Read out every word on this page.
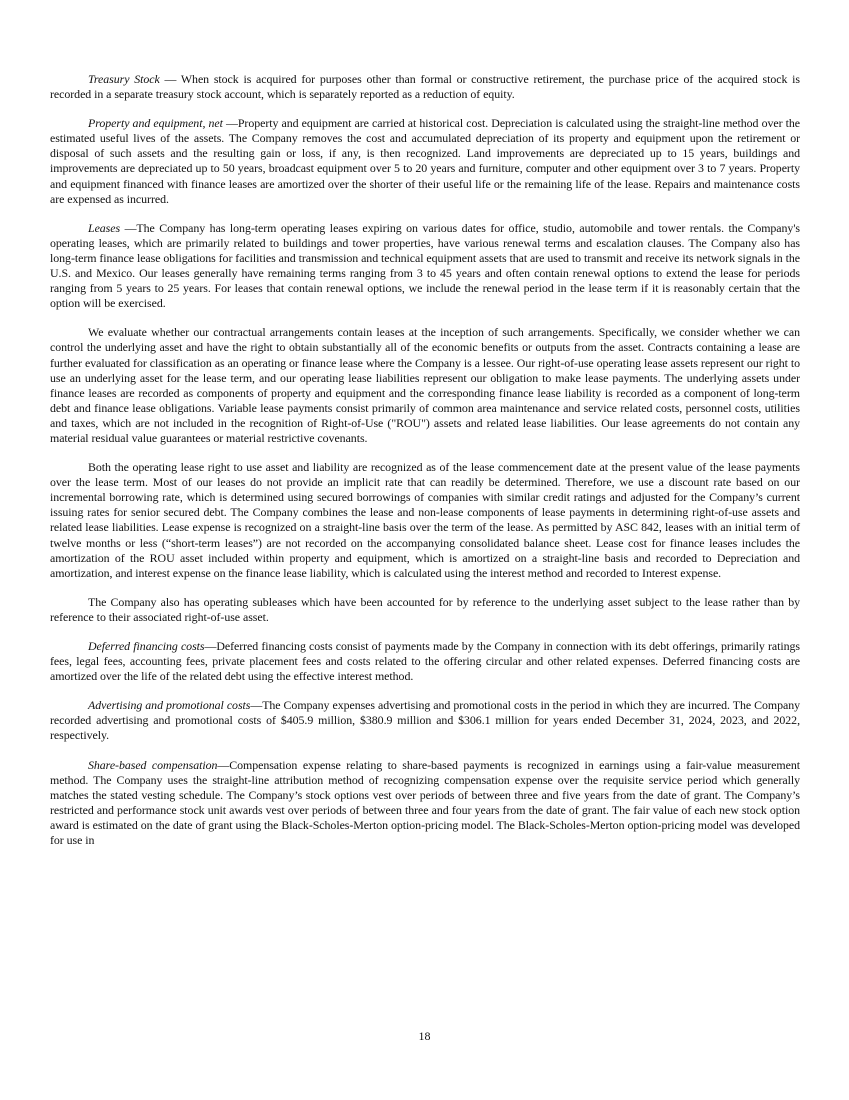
Treasury Stock — When stock is acquired for purposes other than formal or constructive retirement, the purchase price of the acquired stock is recorded in a separate treasury stock account, which is separately reported as a reduction of equity.

Property and equipment, net —Property and equipment are carried at historical cost. Depreciation is calculated using the straight-line method over the estimated useful lives of the assets. The Company removes the cost and accumulated depreciation of its property and equipment upon the retirement or disposal of such assets and the resulting gain or loss, if any, is then recognized. Land improvements are depreciated up to 15 years, buildings and improvements are depreciated up to 50 years, broadcast equipment over 5 to 20 years and furniture, computer and other equipment over 3 to 7 years. Property and equipment financed with finance leases are amortized over the shorter of their useful life or the remaining life of the lease. Repairs and maintenance costs are expensed as incurred.

Leases —The Company has long-term operating leases expiring on various dates for office, studio, automobile and tower rentals. the Company's operating leases, which are primarily related to buildings and tower properties, have various renewal terms and escalation clauses. The Company also has long-term finance lease obligations for facilities and transmission and technical equipment assets that are used to transmit and receive its network signals in the U.S. and Mexico. Our leases generally have remaining terms ranging from 3 to 45 years and often contain renewal options to extend the lease for periods ranging from 5 years to 25 years. For leases that contain renewal options, we include the renewal period in the lease term if it is reasonably certain that the option will be exercised.

We evaluate whether our contractual arrangements contain leases at the inception of such arrangements. Specifically, we consider whether we can control the underlying asset and have the right to obtain substantially all of the economic benefits or outputs from the asset. Contracts containing a lease are further evaluated for classification as an operating or finance lease where the Company is a lessee. Our right-of-use operating lease assets represent our right to use an underlying asset for the lease term, and our operating lease liabilities represent our obligation to make lease payments. The underlying assets under finance leases are recorded as components of property and equipment and the corresponding finance lease liability is recorded as a component of long-term debt and finance lease obligations. Variable lease payments consist primarily of common area maintenance and service related costs, personnel costs, utilities and taxes, which are not included in the recognition of Right-of-Use ("ROU") assets and related lease liabilities. Our lease agreements do not contain any material residual value guarantees or material restrictive covenants.

Both the operating lease right to use asset and liability are recognized as of the lease commencement date at the present value of the lease payments over the lease term. Most of our leases do not provide an implicit rate that can readily be determined. Therefore, we use a discount rate based on our incremental borrowing rate, which is determined using secured borrowings of companies with similar credit ratings and adjusted for the Company’s current issuing rates for senior secured debt. The Company combines the lease and non-lease components of lease payments in determining right-of-use assets and related lease liabilities. Lease expense is recognized on a straight-line basis over the term of the lease. As permitted by ASC 842, leases with an initial term of twelve months or less (“short-term leases”) are not recorded on the accompanying consolidated balance sheet. Lease cost for finance leases includes the amortization of the ROU asset included within property and equipment, which is amortized on a straight-line basis and recorded to Depreciation and amortization, and interest expense on the finance lease liability, which is calculated using the interest method and recorded to Interest expense.

The Company also has operating subleases which have been accounted for by reference to the underlying asset subject to the lease rather than by reference to their associated right-of-use asset.

Deferred financing costs—Deferred financing costs consist of payments made by the Company in connection with its debt offerings, primarily ratings fees, legal fees, accounting fees, private placement fees and costs related to the offering circular and other related expenses. Deferred financing costs are amortized over the life of the related debt using the effective interest method.

Advertising and promotional costs—The Company expenses advertising and promotional costs in the period in which they are incurred. The Company recorded advertising and promotional costs of $405.9 million, $380.9 million and $306.1 million for years ended December 31, 2024, 2023, and 2022, respectively.

Share-based compensation—Compensation expense relating to share-based payments is recognized in earnings using a fair-value measurement method. The Company uses the straight-line attribution method of recognizing compensation expense over the requisite service period which generally matches the stated vesting schedule. The Company’s stock options vest over periods of between three and five years from the date of grant. The Company’s restricted and performance stock unit awards vest over periods of between three and four years from the date of grant. The fair value of each new stock option award is estimated on the date of grant using the Black-Scholes-Merton option-pricing model. The Black-Scholes-Merton option-pricing model was developed for use in

18
